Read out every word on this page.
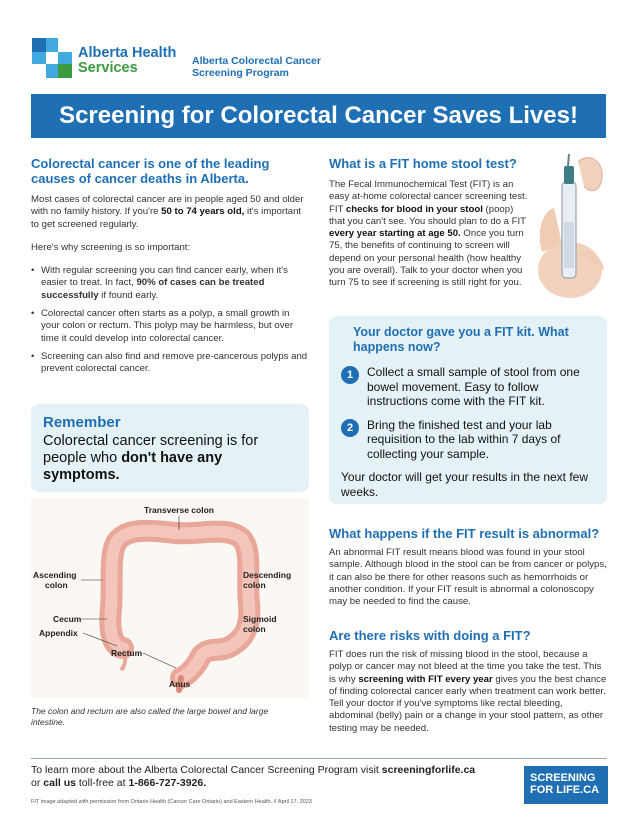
Alberta Health
Services	Alberta Colorectal Cancer
Screening Program
Screening for Colorectal Cancer Saves Lives!
Colorectal cancer is one of the leading causes of cancer deaths in Alberta.

Most cases of colorectal cancer are in people aged 50 and older with no family history. If you're 50 to 74 years old, it's important to get screened regularly.

Here's why screening is so important:

• With regular screening you can find cancer early, when it's easier to treat. In fact, 90% of cases can be treated successfully if found early.
• Colorectal cancer often starts as a polyp, a small growth in your colon or rectum. This polyp may be harmless, but over time it could develop into colorectal cancer.
• Screening can also find and remove pre-cancerous polyps and prevent colorectal cancer.
Remember
Colorectal cancer screening is for people who don't have any symptoms.
Transverse colon
Ascending
colon
Descending
colon
Cecum
Appendix
Sigmoid
colon
Rectum
Anus
The colon and rectum are also called the large bowel and large intestine.
What is a FIT home stool test?

The Fecal Immunochemical Test (FIT) is an easy at-home colorectal cancer screening test. FIT checks for blood in your stool (poop) that you can't see. You should plan to do a FIT every year starting at age 50. Once you turn 75, the benefits of continuing to screen will depend on your personal health (how healthy you are overall). Talk to your doctor when you turn 75 to see if screening is still right for you.

Your doctor gave you a FIT kit. What happens now?
1	Collect a small sample of stool from one bowel movement. Easy to follow instructions come with the FIT kit.
2	Bring the finished test and your lab requisition to the lab within 7 days of collecting your sample.
Your doctor will get your results in the next few weeks.
What happens if the FIT result is abnormal?

An abnormal FIT result means blood was found in your stool sample. Although blood in the stool can be from cancer or polyps, it can also be there for other reasons such as hemorrhoids or another condition. If your FIT result is abnormal a colonoscopy may be needed to find the cause.

Are there risks with doing a FIT?

FIT does run the risk of missing blood in the stool, because a polyp or cancer may not bleed at the time you take the test. This is why screening with FIT every year gives you the best chance of finding colorectal cancer early when treatment can work better. Tell your doctor if you've symptoms like rectal bleeding, abdominal (belly) pain or a change in your stool pattern, as other testing may be needed.

To learn more about the Alberta Colorectal Cancer Screening Program visit screeningforlife.ca
or call us toll-free at 1-866-727-3926.
FIT image adapted with permission from Ontario Health (Cancer Care Ontario) and Eastern Health. // April 17, 2023
SCREENING
FOR LIFE.CA
